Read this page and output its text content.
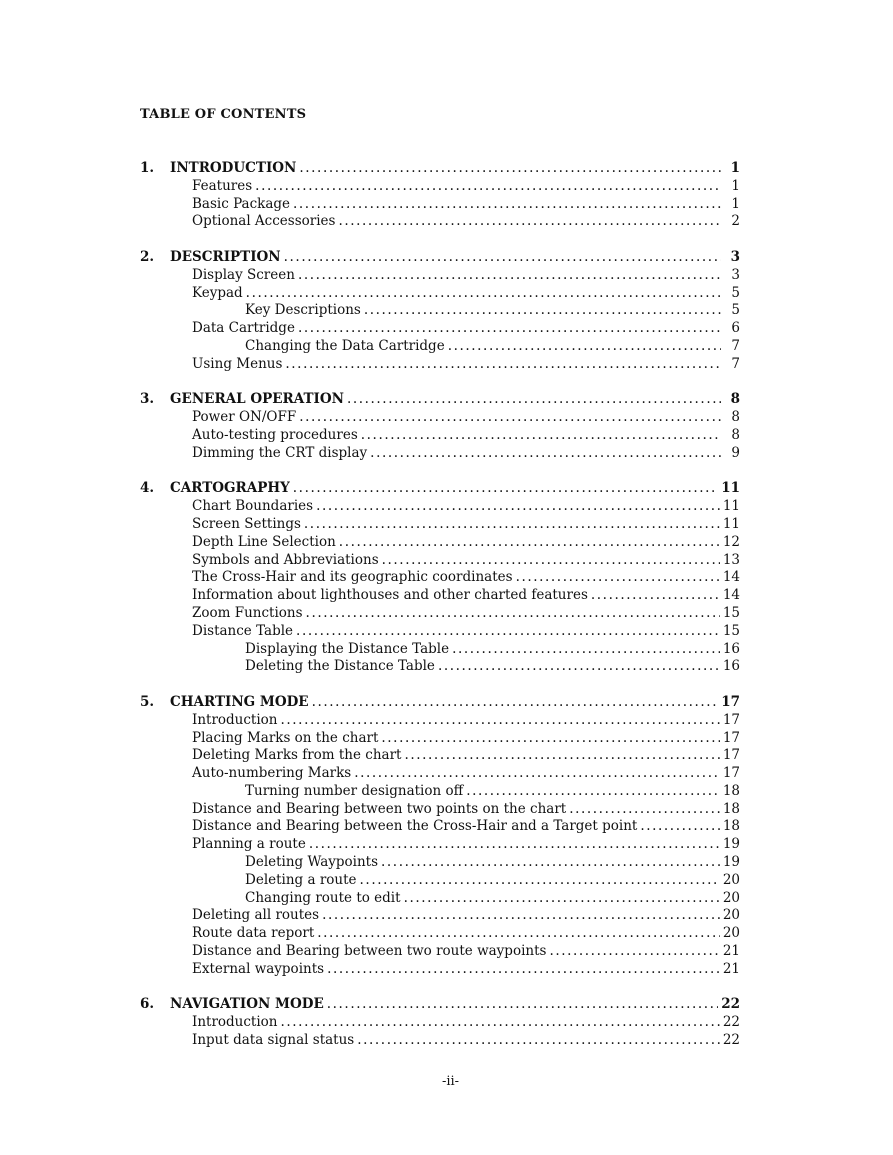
TABLE OF CONTENTS
1.	INTRODUCTION .....	1
Features .....	1
Basic Package .....	1
Optional Accessories .....	2
2.	DESCRIPTION .....	3
Display Screen .....	3
Keypad .....	5
Key Descriptions .....	5
Data Cartridge .....	6
Changing the Data Cartridge .....	7
Using Menus .....	7
3.	GENERAL OPERATION .....	8
Power ON/OFF .....	8
Auto-testing procedures .....	8
Dimming the CRT display .....	9
4.	CARTOGRAPHY .....	11
Chart Boundaries .....	11
Screen Settings .....	11
Depth Line Selection .....	12
Symbols and Abbreviations .....	13
The Cross-Hair and its geographic coordinates .....	14
Information about lighthouses and other charted features .....	14
Zoom Functions .....	15
Distance Table .....	15
Displaying the Distance Table .....	16
Deleting the Distance Table .....	16
5.	CHARTING MODE .....	17
Introduction .....	17
Placing Marks on the chart .....	17
Deleting Marks from the chart .....	17
Auto-numbering Marks .....	17
Turning number designation off .....	18
Distance and Bearing between two points on the chart .....	18
Distance and Bearing between the Cross-Hair and a Target point .....	18
Planning a route .....	19
Deleting Waypoints .....	19
Deleting a route .....	20
Changing route to edit .....	20
Deleting all routes .....	20
Route data report .....	20
Distance and Bearing between two route waypoints .....	21
External waypoints .....	21
6.	NAVIGATION MODE .....	22
Introduction .....	22
Input data signal status .....	22
-ii-
